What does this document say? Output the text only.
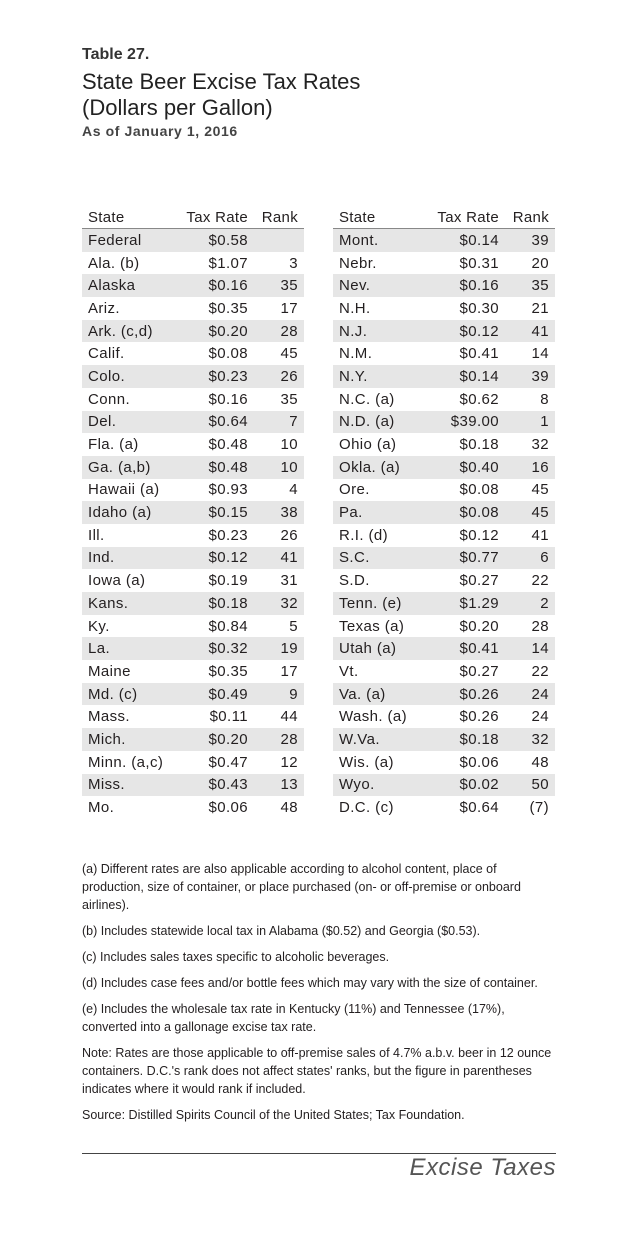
Table 27.
State Beer Excise Tax Rates
(Dollars per Gallon)
As of January 1, 2016
State	Tax Rate	Rank
Federal	$0.58	
Ala. (b)	$1.07	3
Alaska	$0.16	35
Ariz.	$0.35	17
Ark. (c,d)	$0.20	28
Calif.	$0.08	45
Colo.	$0.23	26
Conn.	$0.16	35
Del.	$0.64	7
Fla. (a)	$0.48	10
Ga. (a,b)	$0.48	10
Hawaii (a)	$0.93	4
Idaho (a)	$0.15	38
Ill.	$0.23	26
Ind.	$0.12	41
Iowa (a)	$0.19	31
Kans.	$0.18	32
Ky.	$0.84	5
La.	$0.32	19
Maine	$0.35	17
Md. (c)	$0.49	9
Mass.	$0.11	44
Mich.	$0.20	28
Minn. (a,c)	$0.47	12
Miss.	$0.43	13
Mo.	$0.06	48
State	Tax Rate	Rank
Mont.	$0.14	39
Nebr.	$0.31	20
Nev.	$0.16	35
N.H.	$0.30	21
N.J.	$0.12	41
N.M.	$0.41	14
N.Y.	$0.14	39
N.C. (a)	$0.62	8
N.D. (a)	$39.00	1
Ohio (a)	$0.18	32
Okla. (a)	$0.40	16
Ore.	$0.08	45
Pa.	$0.08	45
R.I. (d)	$0.12	41
S.C.	$0.77	6
S.D.	$0.27	22
Tenn. (e)	$1.29	2
Texas (a)	$0.20	28
Utah (a)	$0.41	14
Vt.	$0.27	22
Va. (a)	$0.26	24
Wash. (a)	$0.26	24
W.Va.	$0.18	32
Wis. (a)	$0.06	48
Wyo.	$0.02	50
D.C. (c)	$0.64	(7)

(a) Different rates are also applicable according to alcohol content, place of production, size of container, or place purchased (on- or off-premise or onboard airlines).

(b) Includes statewide local tax in Alabama ($0.52) and Georgia ($0.53).

(c) Includes sales taxes specific to alcoholic beverages.

(d) Includes case fees and/or bottle fees which may vary with the size of container.

(e) Includes the wholesale tax rate in Kentucky (11%) and Tennessee (17%), converted into a gallonage excise tax rate.

Note: Rates are those applicable to off-premise sales of 4.7% a.b.v. beer in 12 ounce containers. D.C.'s rank does not affect states' ranks, but the figure in parentheses indicates where it would rank if included.

Source: Distilled Spirits Council of the United States; Tax Foundation.

Excise Taxes
